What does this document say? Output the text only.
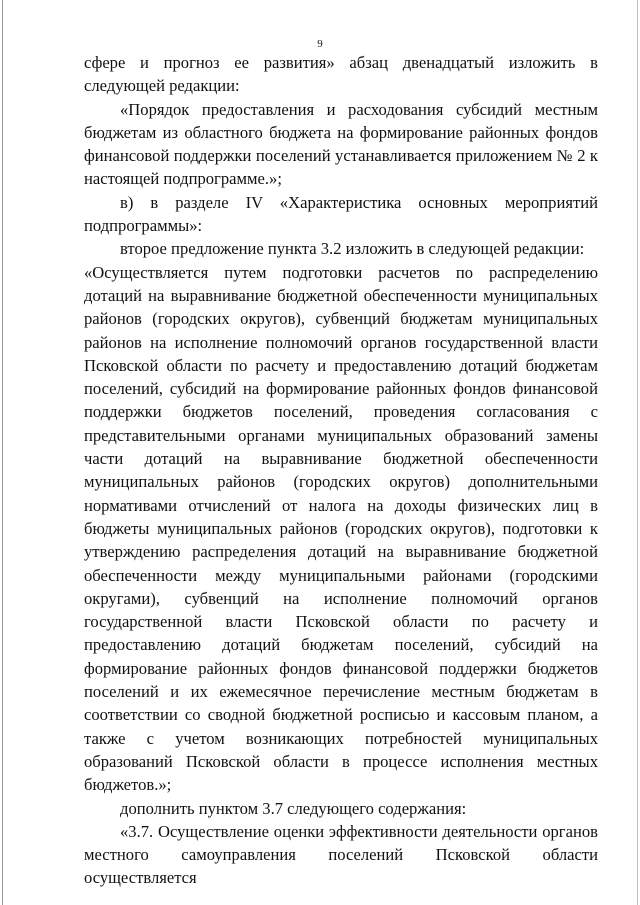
9

сфере и прогноз ее развития» абзац двенадцатый изложить в следующей редакции:

«Порядок предоставления и расходования субсидий местным бюджетам из областного бюджета на формирование районных фондов финансовой поддержки поселений устанавливается приложением № 2 к настоящей подпрограмме.»;

в) в разделе IV «Характеристика основных мероприятий подпрограммы»:

второе предложение пункта 3.2 изложить в следующей редакции:

«Осуществляется путем подготовки расчетов по распределению дотаций на выравнивание бюджетной обеспеченности муниципальных районов (городских округов), субвенций бюджетам муниципальных районов на исполнение полномочий органов государственной власти Псковской области по расчету и предоставлению дотаций бюджетам поселений, субсидий на формирование районных фондов финансовой поддержки бюджетов поселений, проведения согласования с представительными органами муниципальных образований замены части дотаций на выравнивание бюджетной обеспеченности муниципальных районов (городских округов) дополнительными нормативами отчислений от налога на доходы физических лиц в бюджеты муниципальных районов (городских округов), подготовки к утверждению распределения дотаций на выравнивание бюджетной обеспеченности между муниципальными районами (городскими округами), субвенций на исполнение полномочий органов государственной власти Псковской области по расчету и предоставлению дотаций бюджетам поселений, субсидий на формирование районных фондов финансовой поддержки бюджетов поселений и их ежемесячное перечисление местным бюджетам в соответствии со сводной бюджетной росписью и кассовым планом, а также с учетом возникающих потребностей муниципальных образований Псковской области в процессе исполнения местных бюджетов.»;

дополнить пунктом 3.7 следующего содержания:

«3.7. Осуществление оценки эффективности деятельности органов местного самоуправления поселений Псковской области осуществляется
